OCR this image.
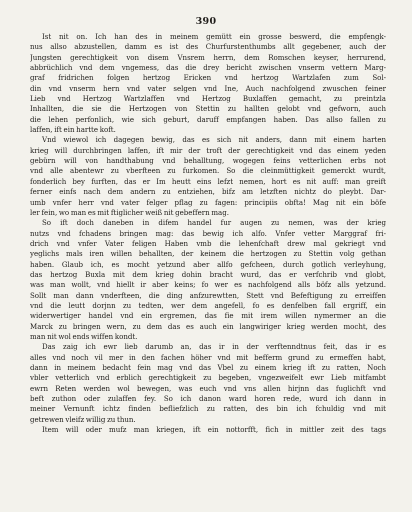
390
Ist nit on. Ich han des in meinem gemütt ein grosse beswerd, die empfengk-
nus allso abzustellen, damm es ist des Churfurstenthumbs allt gegebener, auch der
Jungsten gerechtigkeit von disem Vnsrem herrn, dem Romschen keyser, herrurend,
abbrüchlich vnd dem vngemess, das die drey bericht zwischen vnserm vettern Marg-
graf fridrichen folgen hertzog Ericken vnd hertzog Wartzlafen zum Sol-
din vnd vnserm hern vnd vater selgen vnd Ine, Auch nachfolgend zwuschen feiner
Lieb vnd Hertzog Wartzlaffen vnd Hertzog Buxlaffen gemacht, zu preintzla
Inhallten, die sie die Hertzogen von Stettin zu hallten gelobt vnd gefworn, auch
die lehen perfonlich, wie sich geburt, daruff empfangen haben. Das allso fallen zu
laffen, ift ein hartte koft.
Vnd wiewol ich dagegen bewig, das es sich nit anders, dann mit einem harten
krieg will durchbringen laffen, ift mir der troft der gerechtigkeit vnd das einem yeden
gebürn will von handthabung vnd behalltung, wogegen feins vetterlichen erbs not
vnd alle abentewr zu vberfteen zu furkomen. So die cleinmüttigkeit gemerckt wurdt,
fonderlich bey furften, das er Im heutt eins lefzt nemen, hort es nit auff: man greift
ferner einfs nach dem andern zu entziehen, bifz am letzften nichtz do pleybt. Dar-
umb vnfer herr vnd vater felger pflag zu fagen: principiis obfta! Mag nit ein böfe
ler fein, wo man es mit ftiglicher weiß nit gebeffern mag.
So ift doch daneben in difem handel fur augen zu nemen, was der krieg
nutzs vnd fchadens bringen mag: das bewig ich alfo. Vnfer vetter Marggraf fri-
drich vnd vnfer Vater feligen Haben vmb die lehenfchaft drew mal gekriegt vnd
yeglichs mals iren willen behallten, der keinem die hertzogen zu Stettin volg gethan
haben. Glaub ich, es mocht yetzund aber allfo gefcheen, durch gotlich verleyhung,
das hertzog Buxla mit dem krieg dohin bracht wurd, das er verfchrib vnd globt,
was man wollt, vnd hiellt ir aber keins; fo wer es nachfolgend alls böfz alls yetzund.
Sollt man dann vnderfteen, die ding anfzurewtten, Stett vnd Befeftigung zu erreiffen
vnd die leutt dorjnn zu tedten, wer dem angefell, fo es denfelben fall ergriff, ein
widerwertiger handel vnd ein ergremen, das fie mit irem willen nymermer an die
Marck zu bringen wern, zu dem das es auch ein langwiriger krieg werden mocht, des
man nit wol ends wiffen kondt.
Das zaig ich ewr lieb darumb an, das ir in der verftenndtnus feit, das ir es
alles vnd noch vil mer in den fachen höher vnd mit befferm grund zu ermeffen habt,
dann in meinem bedacht fein mag vnd das Vbel zu einem krieg ift zu ratten, Noch
vbler vetterlich vnd erblich gerechtigkeit zu begeben, vngezweifelt ewr Lieb mitfambt
ewrn Reten werden wol bewegen, was euch vnd vns allen hirjnn das fuglichft vnd
beft zuthon oder zulaffen fey. So ich danon ward horen rede, wurd ich dann in
meiner Vernunft ichtz finden befliefzlich zu ratten, des bin ich fchuldig vnd mit
getrewen vleifz willig zu thun.
Item will oder mufz man kriegen, ift ein nottorfft, fich in mittler zeit des tags
